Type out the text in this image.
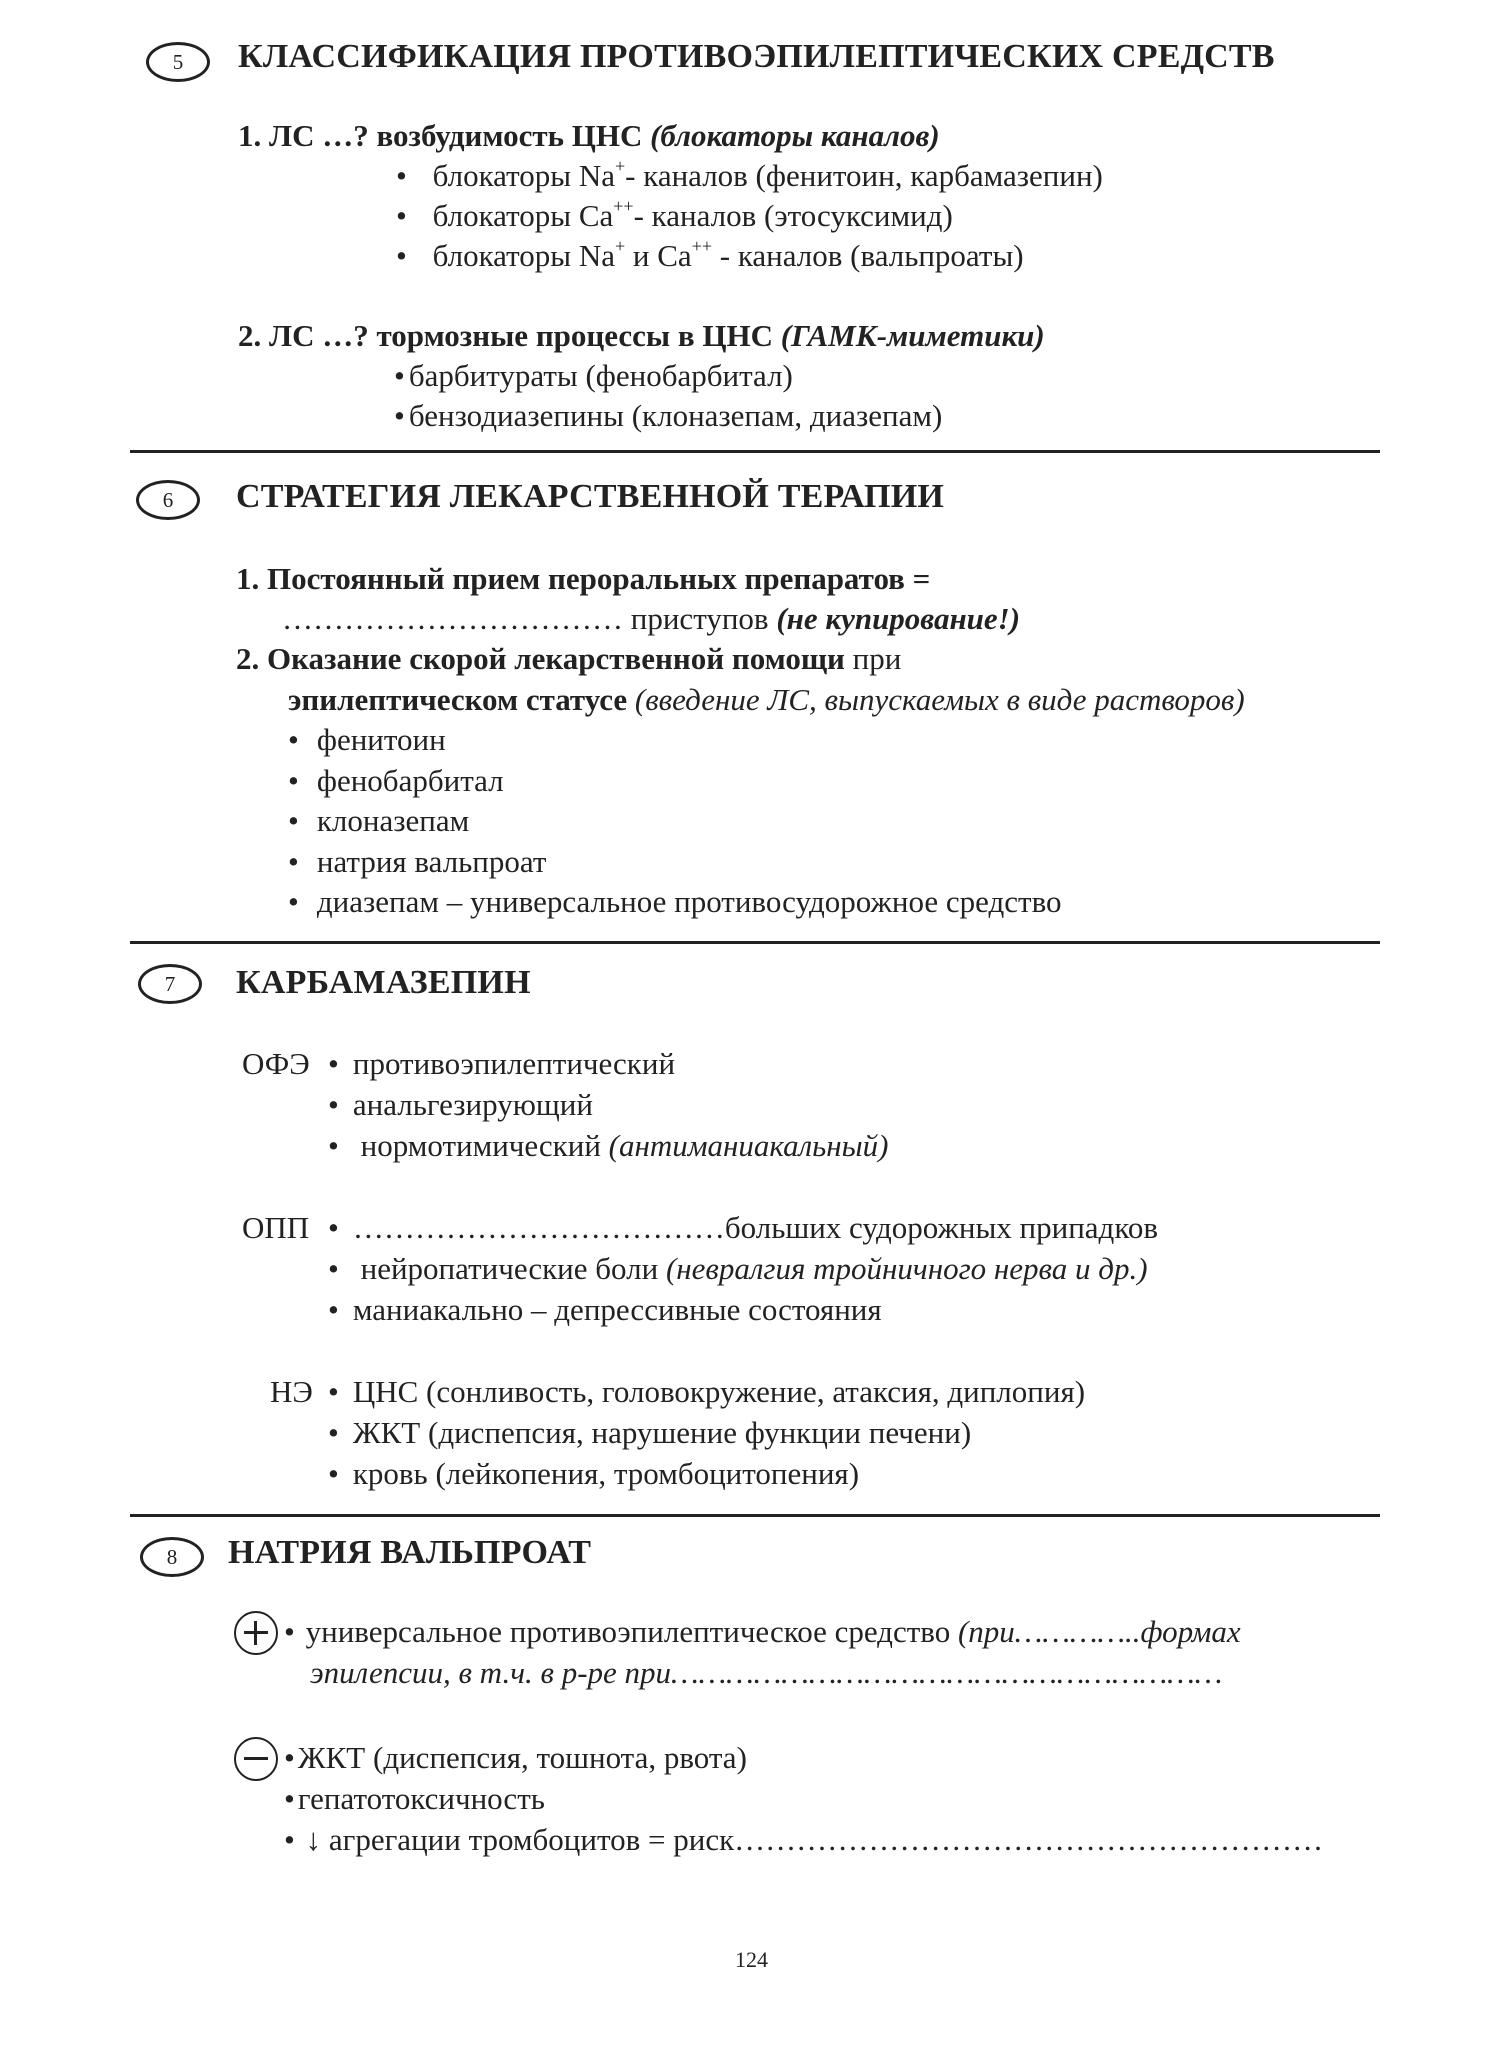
5	КЛАССИФИКАЦИЯ ПРОТИВОЭПИЛЕПТИЧЕСКИХ СРЕДСТВ
1. ЛС …? возбудимость ЦНС (блокаторы каналов)
• блокаторы Na+- каналов (фенитоин, карбамазепин)
• блокаторы Ca++- каналов (этосуксимид)
• блокаторы Na+ и Ca++ - каналов (вальпроаты)
2. ЛС …? тормозные процессы в ЦНС (ГАМК-миметики)
• барбитураты (фенобарбитал)
• бензодиазепины (клоназепам, диазепам)
6	СТРАТЕГИЯ ЛЕКАРСТВЕННОЙ ТЕРАПИИ
1. Постоянный прием пероральных препаратов =
…………………………… приступов (не купирование!)
2. Оказание скорой лекарственной помощи при
эпилептическом статусе (введение ЛС, выпускаемых в виде растворов)
• фенитоин
• фенобарбитал
• клоназепам
• натрия вальпроат
• диазепам – универсальное противосудорожное средство
7	КАРБАМАЗЕПИН
ОФЭ	• противоэпилептический
• анальгезирующий
• нормотимический (антиманиакальный)
ОПП	• ………………………………больших судорожных припадков
• нейропатические боли (невралгия тройничного нерва и др.)
• маниакально – депрессивные состояния
НЭ	• ЦНС (сонливость, головокружение, атаксия, диплопия)
• ЖКТ (диспепсия, нарушение функции печени)
• кровь (лейкопения, тромбоцитопения)
8	НАТРИЯ ВАЛЬПРОАТ
• универсальное противоэпилептическое средство (при…………..формах
эпилепсии, в т.ч. в р-ре при……………………………………………………
• ЖКТ (диспепсия, тошнота, рвота)
• гепатотоксичность
• ↓ агрегации тромбоцитов = риск…………………………………………………
124
